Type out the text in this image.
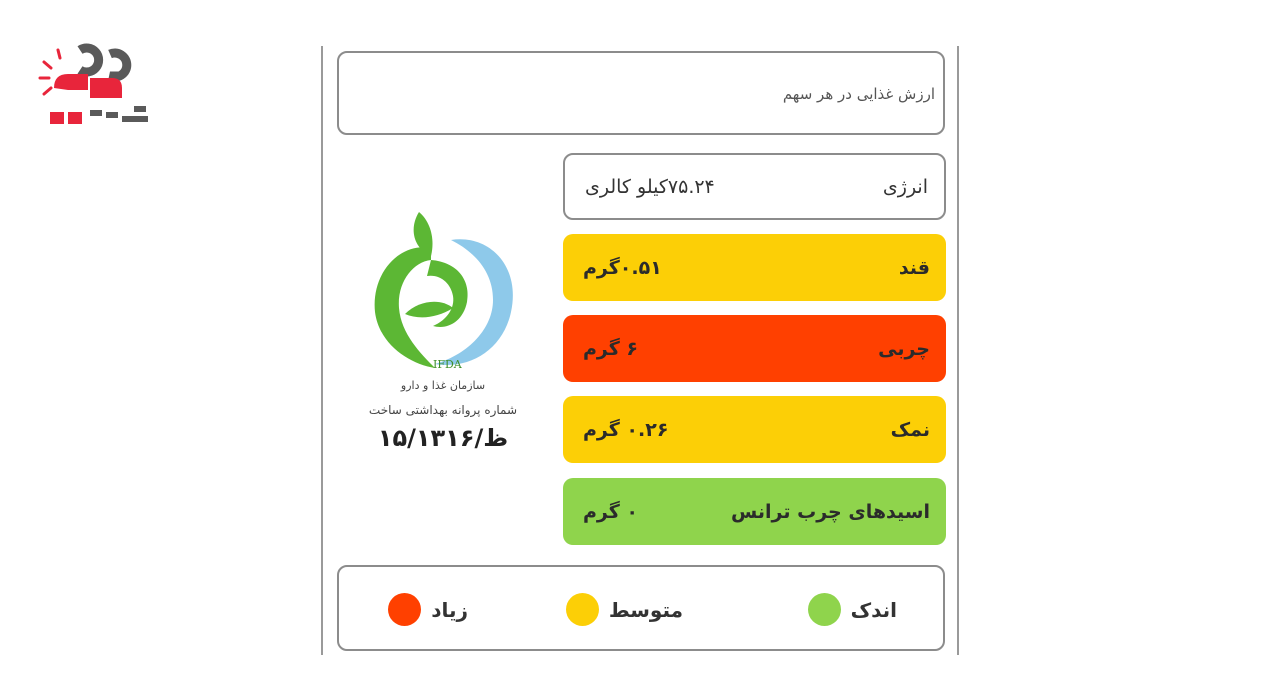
ارزش غذایی در هر سهم
IFDA
سازمان غذا و دارو
شماره پروانه بهداشتی ساخت
۱۵/ظ/۱۳۱۶
انرژی
۷۵.۲۴کیلو کالری
قند
۰.۵۱گرم
چربی
۶ گرم
نمک
۰.۲۶ گرم
اسیدهای چرب ترانس
۰ گرم
اندک
متوسط
زیاد
